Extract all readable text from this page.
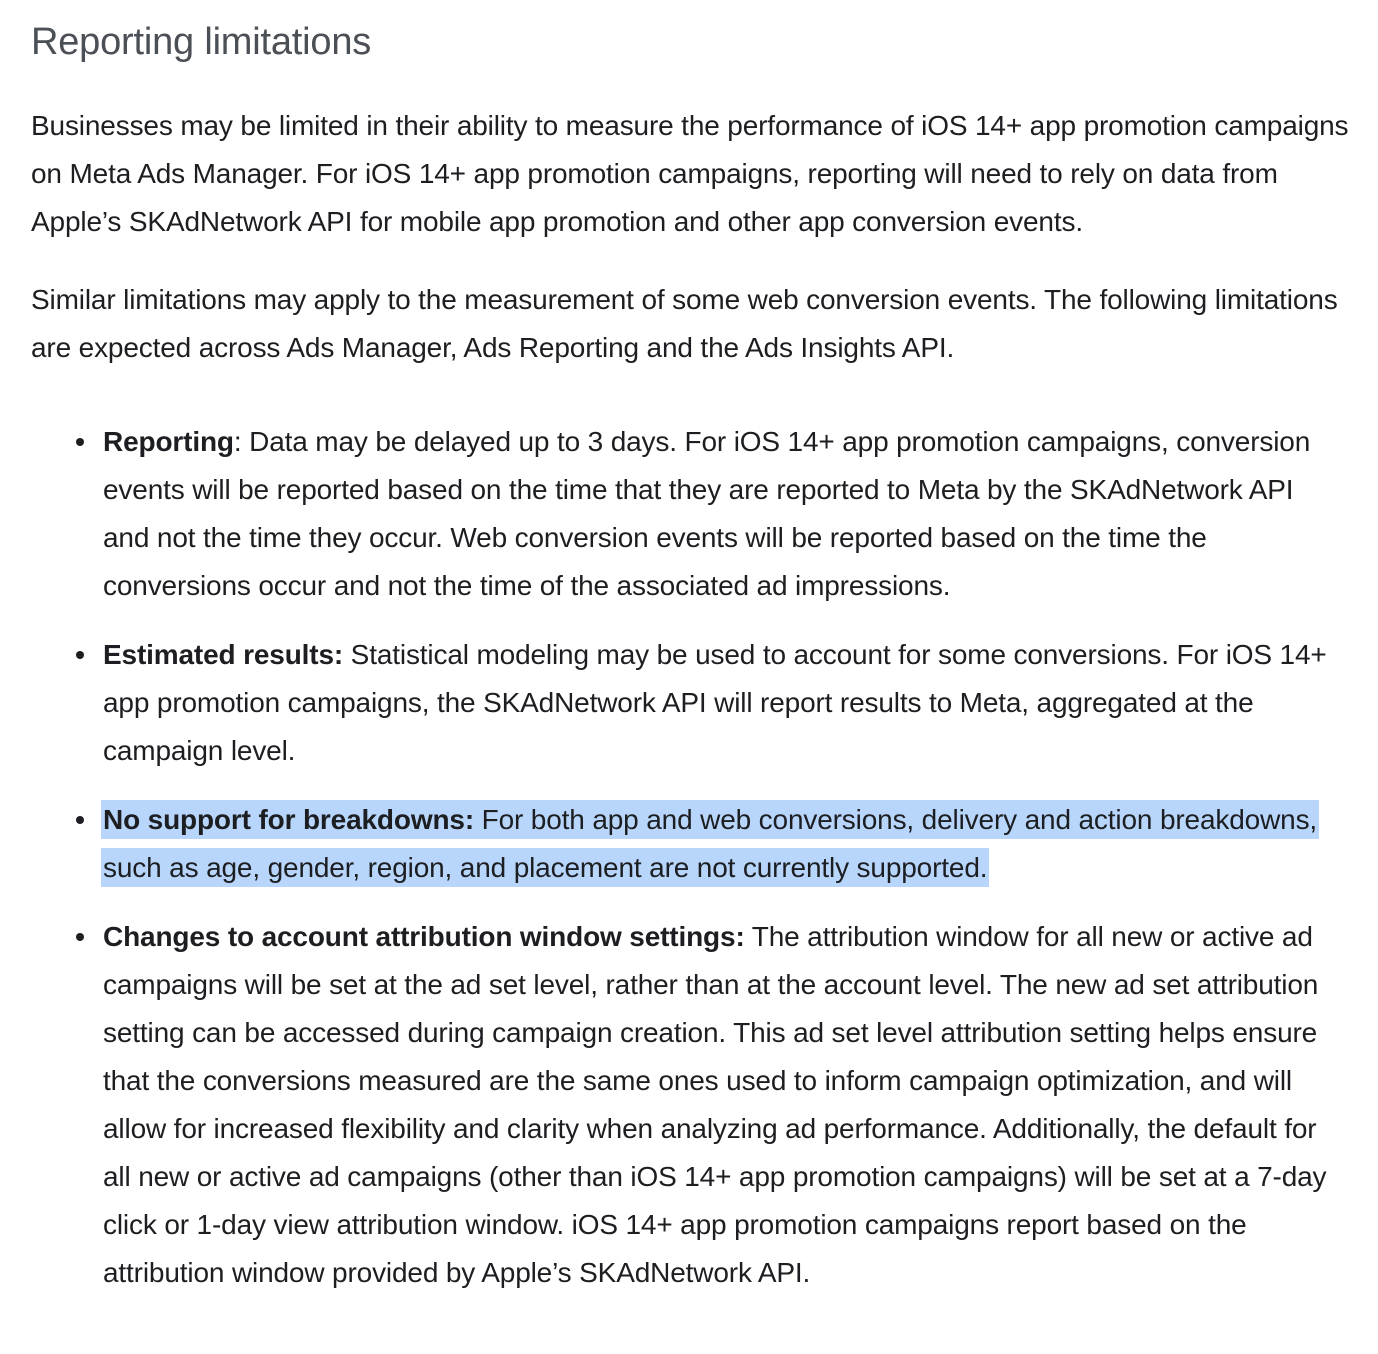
Reporting limitations

Businesses may be limited in their ability to measure the performance of iOS 14+ app promotion campaigns on Meta Ads Manager. For iOS 14+ app promotion campaigns, reporting will need to rely on data from Apple’s SKAdNetwork API for mobile app promotion and other app conversion events.

Similar limitations may apply to the measurement of some web conversion events. The following limitations are expected across Ads Manager, Ads Reporting and the Ads Insights API.

Reporting: Data may be delayed up to 3 days. For iOS 14+ app promotion campaigns, conversion events will be reported based on the time that they are reported to Meta by the SKAdNetwork API and not the time they occur. Web conversion events will be reported based on the time the conversions occur and not the time of the associated ad impressions.
Estimated results: Statistical modeling may be used to account for some conversions. For iOS 14+ app promotion campaigns, the SKAdNetwork API will report results to Meta, aggregated at the campaign level.
No support for breakdowns: For both app and web conversions, delivery and action breakdowns, such as age, gender, region, and placement are not currently supported.
Changes to account attribution window settings: The attribution window for all new or active ad campaigns will be set at the ad set level, rather than at the account level. The new ad set attribution setting can be accessed during campaign creation. This ad set level attribution setting helps ensure that the conversions measured are the same ones used to inform campaign optimization, and will allow for increased flexibility and clarity when analyzing ad performance. Additionally, the default for all new or active ad campaigns (other than iOS 14+ app promotion campaigns) will be set at a 7-day click or 1-day view attribution window. iOS 14+ app promotion campaigns report based on the attribution window provided by Apple’s SKAdNetwork API.
